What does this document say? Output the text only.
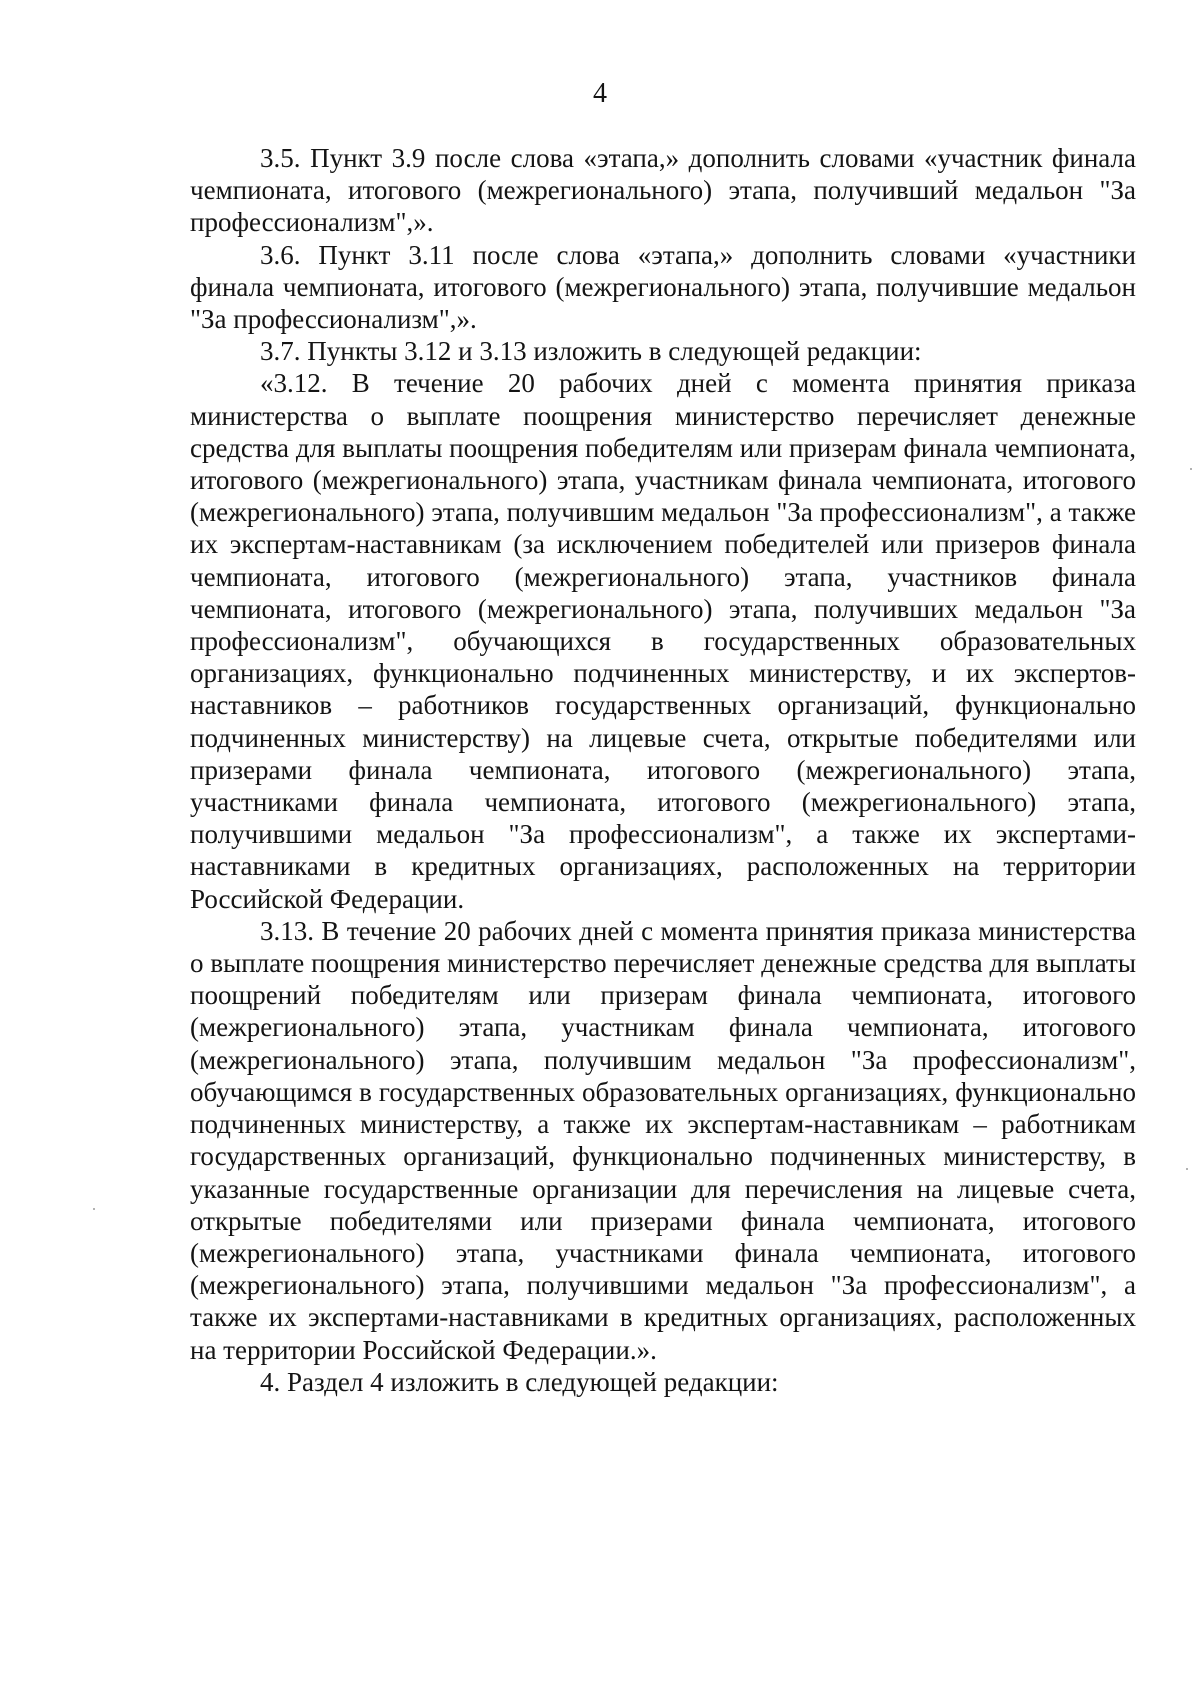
4

3.5. Пункт 3.9 после слова «этапа,» дополнить словами «участник финала чемпионата, итогового (межрегионального) этапа, получивший медальон "За профессионализм",».

3.6. Пункт 3.11 после слова «этапа,» дополнить словами «участники финала чемпионата, итогового (межрегионального) этапа, получившие медальон "За профессионализм",».

3.7. Пункты 3.12 и 3.13 изложить в следующей редакции:

«3.12. В течение 20 рабочих дней с момента принятия приказа министерства о выплате поощрения министерство перечисляет денежные средства для выплаты поощрения победителям или призерам финала чемпионата, итогового (межрегионального) этапа, участникам финала чемпионата, итогового (межрегионального) этапа, получившим медальон "За профессионализм", а также их экспертам-наставникам (за исключением победителей или призеров финала чемпионата, итогового (межрегионального) этапа, участников финала чемпионата, итогового (межрегионального) этапа, получивших медальон "За профессионализм", обучающихся в государственных образовательных организациях, функционально подчиненных министерству, и их экспертов-наставников – работников государственных организаций, функционально подчиненных министерству) на лицевые счета, открытые победителями или призерами финала чемпионата, итогового (межрегионального) этапа, участниками финала чемпионата, итогового (межрегионального) этапа, получившими медальон "За профессионализм", а также их экспертами-наставниками в кредитных организациях, расположенных на территории Российской Федерации.

3.13. В течение 20 рабочих дней с момента принятия приказа министерства о выплате поощрения министерство перечисляет денежные средства для выплаты поощрений победителям или призерам финала чемпионата, итогового (межрегионального) этапа, участникам финала чемпионата, итогового (межрегионального) этапа, получившим медальон "За профессионализм", обучающимся в государственных образовательных организациях, функционально подчиненных министерству, а также их экспертам-наставникам – работникам государственных организаций, функционально подчиненных министерству, в указанные государственные организации для перечисления на лицевые счета, открытые победителями или призерами финала чемпионата, итогового (межрегионального) этапа, участниками финала чемпионата, итогового (межрегионального) этапа, получившими медальон "За профессионализм", а также их экспертами-наставниками в кредитных организациях, расположенных на территории Российской Федерации.».

4. Раздел 4 изложить в следующей редакции:
